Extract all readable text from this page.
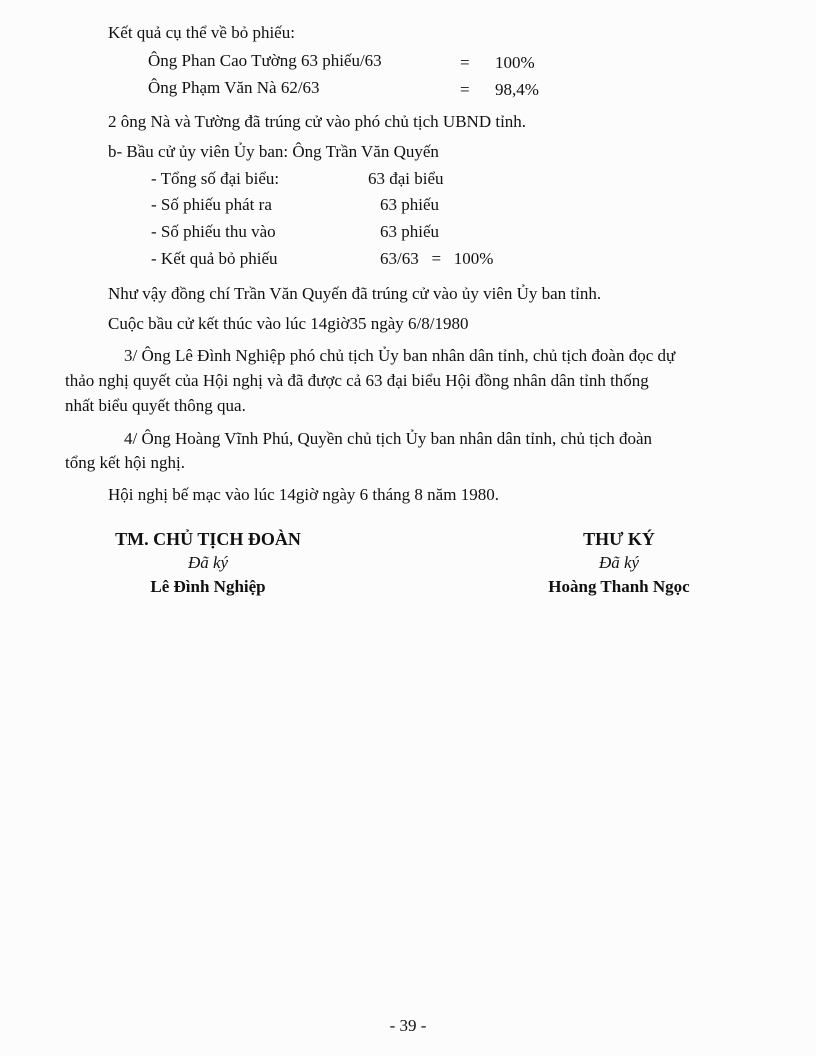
Kết quả cụ thể về bỏ phiếu:
Ông Phan Cao Tường 63 phiếu/63	= 100%
Ông Phạm Văn Nà 62/63	= 98,4%
2 ông Nà và Tường đã trúng cử vào phó chủ tịch UBND tỉnh.
b- Bầu cử ủy viên Ủy ban: Ông Trần Văn Quyến
- Tổng số đại biểu:	63 đại biểu
- Số phiếu phát ra	63 phiếu
- Số phiếu thu vào	63 phiếu
- Kết quả bỏ phiếu	63/63   =   100%
Như vậy đồng chí Trần Văn Quyến đã trúng cử vào ủy viên Ủy ban tỉnh.
Cuộc bầu cử kết thúc vào lúc 14giờ35 ngày 6/8/1980
3/ Ông Lê Đình Nghiệp phó chủ tịch Ủy ban nhân dân tỉnh, chủ tịch đoàn đọc dự
thảo nghị quyết của Hội nghị và đã được cả 63 đại biểu Hội đồng nhân dân tỉnh thống
nhất biểu quyết thông qua.
4/ Ông Hoàng Vĩnh Phú, Quyền chủ tịch Ủy ban nhân dân tỉnh, chủ tịch đoàn
tổng kết hội nghị.
Hội nghị bế mạc vào lúc 14giờ ngày 6 tháng 8 năm 1980.
TM. CHỦ TỊCH ĐOÀN
Đã ký
Lê Đình Nghiệp
THƯ KÝ
Đã ký
Hoàng Thanh Ngọc
- 39 -
